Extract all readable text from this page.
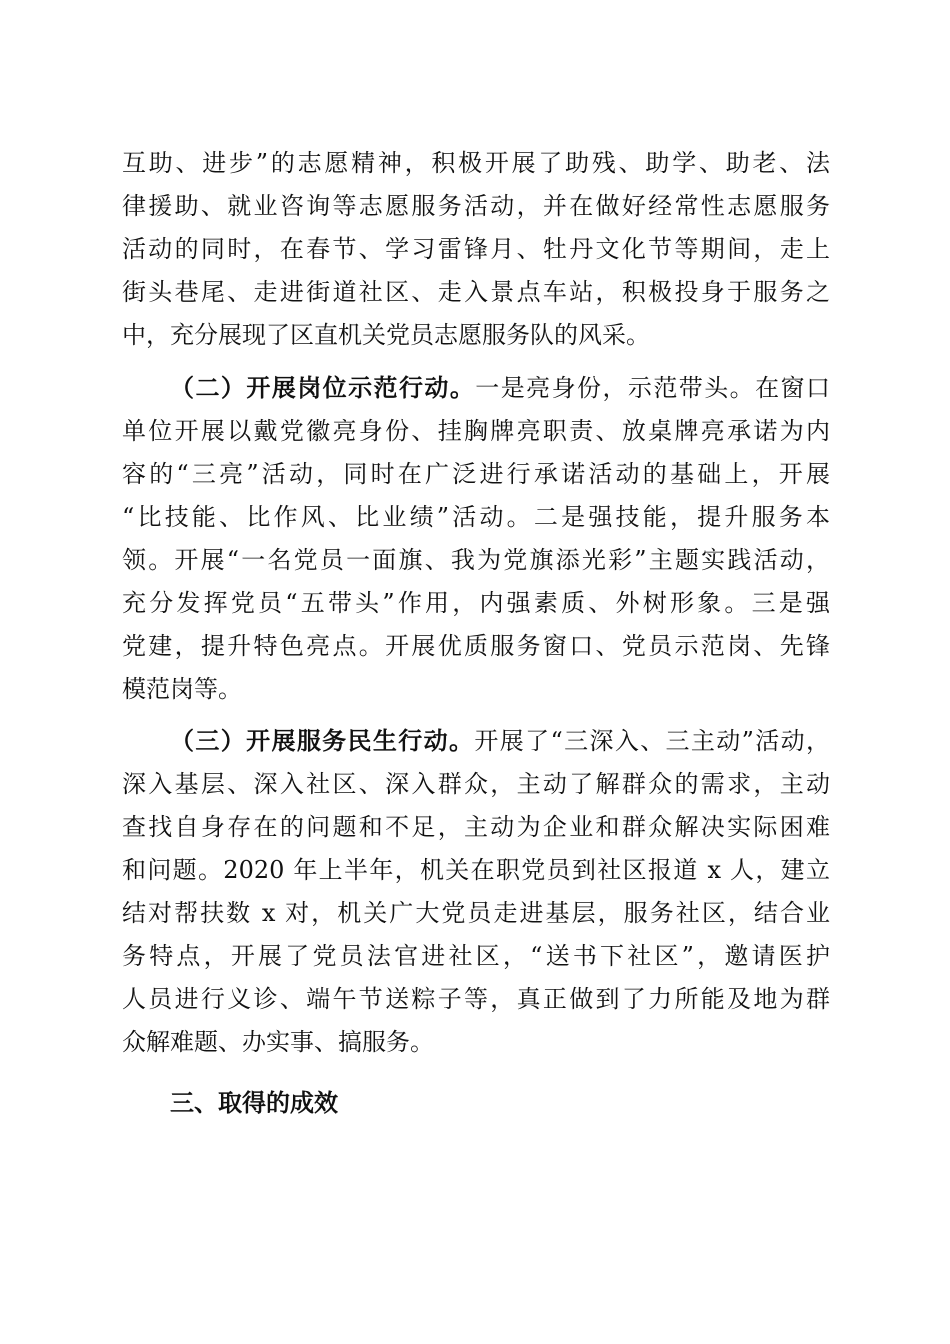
互助、进步”的志愿精神，积极开展了助残、助学、助老、法
律援助、就业咨询等志愿服务活动，并在做好经常性志愿服务
活动的同时，在春节、学习雷锋月、牡丹文化节等期间，走上
街头巷尾、走进街道社区、走入景点车站，积极投身于服务之
中，充分展现了区直机关党员志愿服务队的风采。
（二）开展岗位示范行动。一是亮身份，示范带头。在窗口
单位开展以戴党徽亮身份、挂胸牌亮职责、放桌牌亮承诺为内
容的“三亮”活动，同时在广泛进行承诺活动的基础上，开展
“比技能、比作风、比业绩”活动。二是强技能，提升服务本
领。开展“一名党员一面旗、我为党旗添光彩”主题实践活动，
充分发挥党员“五带头”作用，内强素质、外树形象。三是强
党建，提升特色亮点。开展优质服务窗口、党员示范岗、先锋
模范岗等。
（三）开展服务民生行动。开展了“三深入、三主动”活动，
深入基层、深入社区、深入群众，主动了解群众的需求，主动
查找自身存在的问题和不足，主动为企业和群众解决实际困难
和问题。2020 年上半年，机关在职党员到社区报道 x 人，建立
结对帮扶数 x 对，机关广大党员走进基层，服务社区，结合业
务特点，开展了党员法官进社区，“送书下社区”，邀请医护
人员进行义诊、端午节送粽子等，真正做到了力所能及地为群
众解难题、办实事、搞服务。
三、取得的成效
